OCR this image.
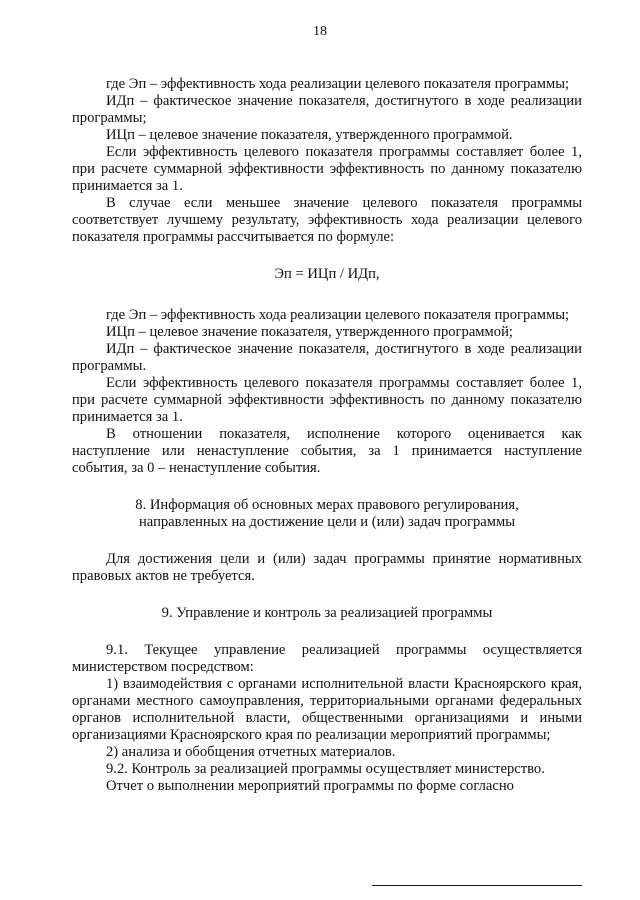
18

где Эп – эффективность хода реализации целевого показателя программы;

ИДп – фактическое значение показателя, достигнутого в ходе реализации программы;

ИЦп – целевое значение показателя, утвержденного программой.

Если эффективность целевого показателя программы составляет более 1, при расчете суммарной эффективности эффективность по данному показателю принимается за 1.

В случае если меньшее значение целевого показателя программы соответствует лучшему результату, эффективность хода реализации целевого показателя программы рассчитывается по формуле:

Эп = ИЦп / ИДп,

где Эп – эффективность хода реализации целевого показателя программы;

ИЦп – целевое значение показателя, утвержденного программой;

ИДп – фактическое значение показателя, достигнутого в ходе реализации программы.

Если эффективность целевого показателя программы составляет более 1, при расчете суммарной эффективности эффективность по данному показателю принимается за 1.

В отношении показателя, исполнение которого оценивается как наступление или ненаступление события, за 1 принимается наступление события, за 0 – ненаступление события.

8. Информация об основных мерах правового регулирования, направленных на достижение цели и (или) задач программы

Для достижения цели и (или) задач программы принятие нормативных правовых актов не требуется.

9. Управление и контроль за реализацией программы

9.1. Текущее управление реализацией программы осуществляется министерством посредством:

1) взаимодействия с органами исполнительной власти Красноярского края, органами местного самоуправления, территориальными органами федеральных органов исполнительной власти, общественными организациями и иными организациями Красноярского края по реализации мероприятий программы;

2) анализа и обобщения отчетных материалов.

9.2. Контроль за реализацией программы осуществляет министерство.

Отчет о выполнении мероприятий программы по форме согласно
